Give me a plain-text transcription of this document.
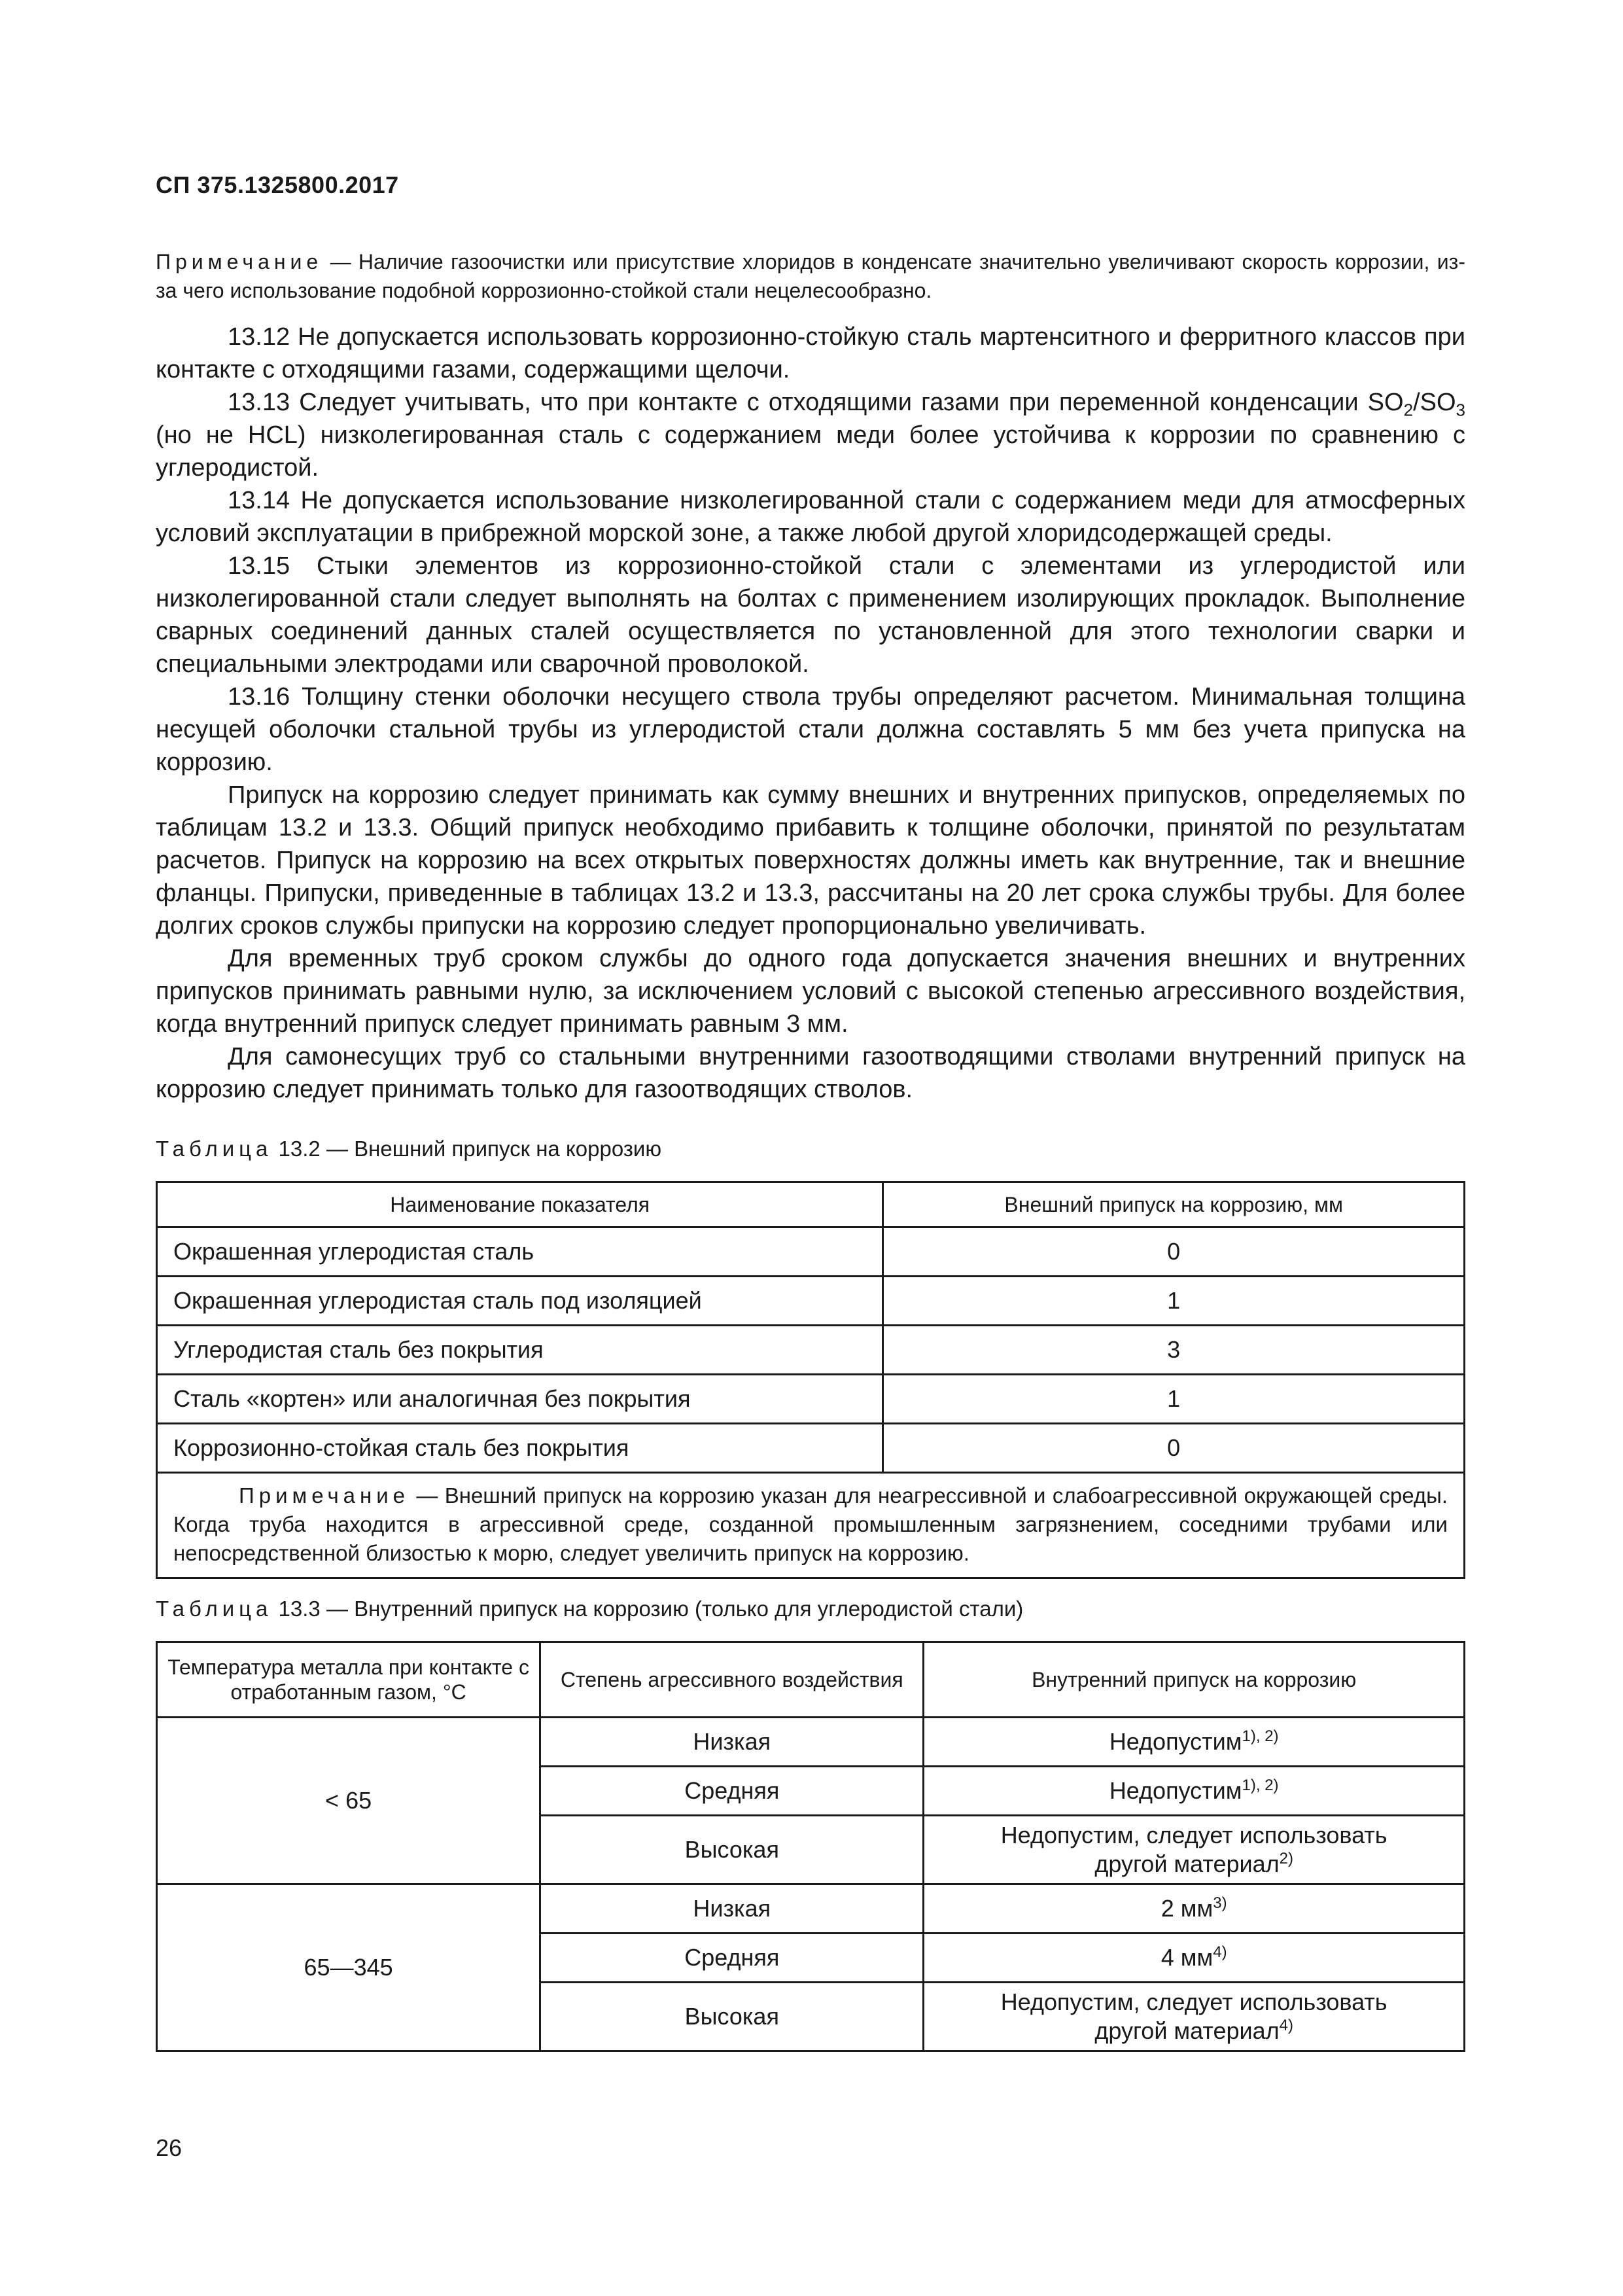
СП 375.1325800.2017
Примечание — Наличие газоочистки или присутствие хлоридов в конденсате значительно увеличивают скорость коррозии, из-за чего использование подобной коррозионно-стойкой стали нецелесообразно.

13.12 Не допускается использовать коррозионно-стойкую сталь мартенситного и ферритного классов при контакте с отходящими газами, содержащими щелочи.

13.13 Следует учитывать, что при контакте с отходящими газами при переменной конденсации $SO_2/SO_3$ (но не HCL) низколегированная сталь с содержанием меди более устойчива к коррозии по сравнению с углеродистой.

13.14 Не допускается использование низколегированной стали с содержанием меди для атмосферных условий эксплуатации в прибрежной морской зоне, а также любой другой хлоридсодержащей среды.

13.15 Стыки элементов из коррозионно-стойкой стали с элементами из углеродистой или низколегированной стали следует выполнять на болтах с применением изолирующих прокладок. Выполнение сварных соединений данных сталей осуществляется по установленной для этого технологии сварки и специальными электродами или сварочной проволокой.

13.16 Толщину стенки оболочки несущего ствола трубы определяют расчетом. Минимальная толщина несущей оболочки стальной трубы из углеродистой стали должна составлять 5 мм без учета припуска на коррозию.

Припуск на коррозию следует принимать как сумму внешних и внутренних припусков, определяемых по таблицам 13.2 и 13.3. Общий припуск необходимо прибавить к толщине оболочки, принятой по результатам расчетов. Припуск на коррозию на всех открытых поверхностях должны иметь как внутренние, так и внешние фланцы. Припуски, приведенные в таблицах 13.2 и 13.3, рассчитаны на 20 лет срока службы трубы. Для более долгих сроков службы припуски на коррозию следует пропорционально увеличивать.

Для временных труб сроком службы до одного года допускается значения внешних и внутренних припусков принимать равными нулю, за исключением условий с высокой степенью агрессивного воздействия, когда внутренний припуск следует принимать равным 3 мм.

Для самонесущих труб со стальными внутренними газоотводящими стволами внутренний припуск на коррозию следует принимать только для газоотводящих стволов.

Таблица 13.2 — Внешний припуск на коррозию
Наименование показателя	Внешний припуск на коррозию, мм
Окрашенная углеродистая сталь	0
Окрашенная углеродистая сталь под изоляцией	1
Углеродистая сталь без покрытия	3
Сталь «кортен» или аналогичная без покрытия	1
Коррозионно-стойкая сталь без покрытия	0
Примечание — Внешний припуск на коррозию указан для неагрессивной и слабоагрессивной окружающей среды. Когда труба находится в агрессивной среде, созданной промышленным загрязнением, соседними трубами или непосредственной близостью к морю, следует увеличить припуск на коррозию.	
Таблица 13.3 — Внутренний припуск на коррозию (только для углеродистой стали)
Температура металла при контакте с отработанным газом, °С	Степень агрессивного воздействия	Внутренний припуск на коррозию
< 65	Низкая	Недопустим$^{1), 2)}$
	Средняя	Недопустим$^{1), 2)}$
	Высокая	Недопустим, следует использовать
другой материал$^{2)}$
65—345	Низкая	2 $мм^{3)}$
	Средняя	4 $мм^{4)}$
	Высокая	Недопустим, следует использовать
другой материал$^{4)}$
26
